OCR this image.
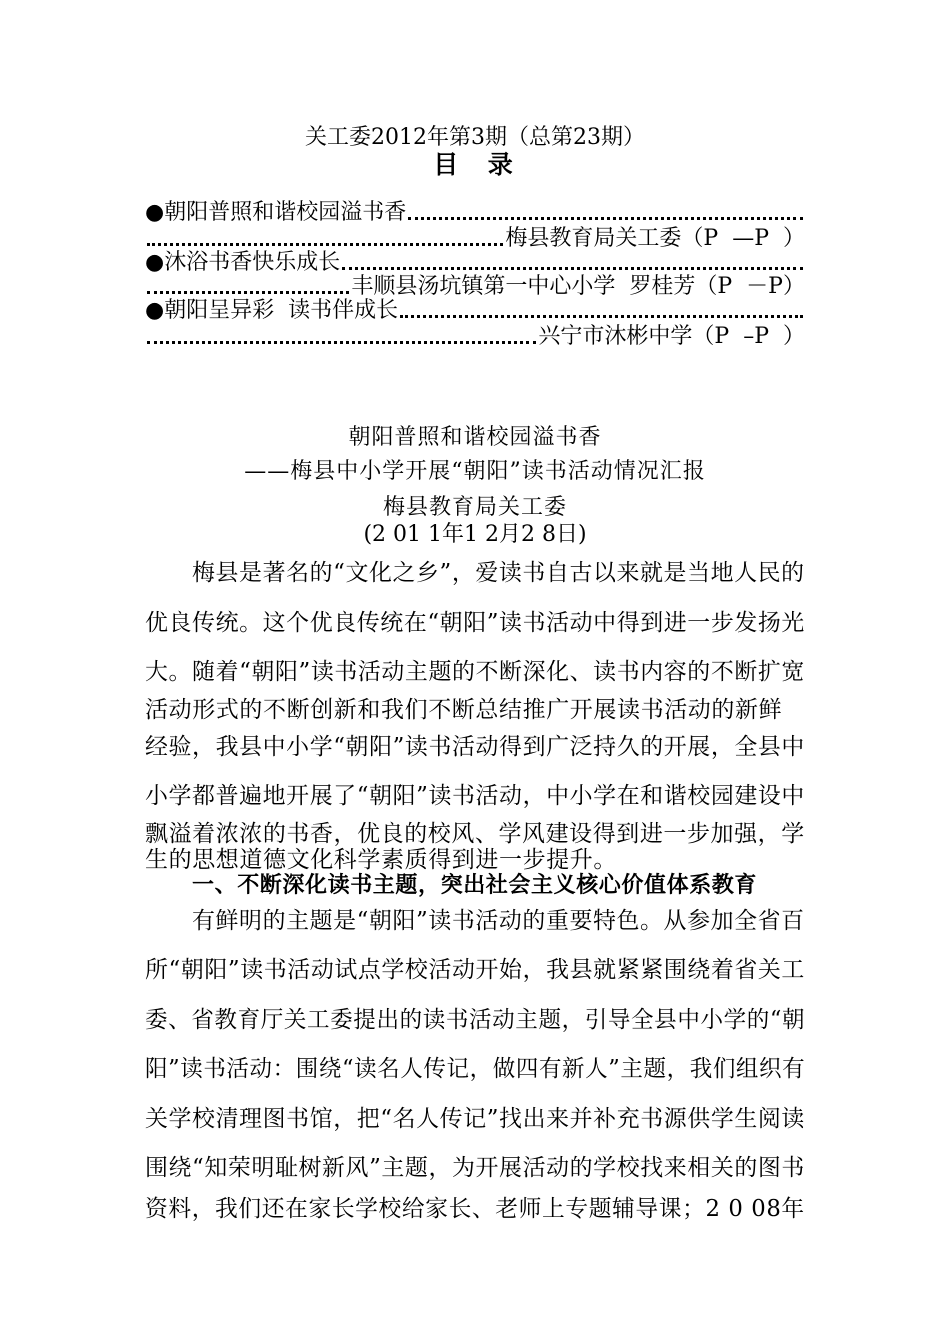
关工委2012年第3期（总第23期）
目  录
●朝阳普照和谐校园溢书香
梅县教育局关工委（P  —P  ）
●沐浴书香快乐成长
丰顺县汤坑镇第一中心小学  罗桂芳（P  －P）
●朝阳呈异彩  读书伴成长
兴宁市沐彬中学（P  –P  ）
朝阳普照和谐校园溢书香
——梅县中小学开展“朝阳”读书活动情况汇报
梅县教育局关工委
(2 01 1年1 2月2 8日)
梅县是著名的“文化之乡”，爱读书自古以来就是当地人民的
优良传统。这个优良传统在“朝阳”读书活动中得到进一步发扬光
大。随着“朝阳”读书活动主题的不断深化、读书内容的不断扩宽
活动形式的不断创新和我们不断总结推广开展读书活动的新鲜
经验，我县中小学“朝阳”读书活动得到广泛持久的开展，全县中
小学都普遍地开展了“朝阳”读书活动，中小学在和谐校园建设中
飘溢着浓浓的书香，优良的校风、学风建设得到进一步加强，学
生的思想道德文化科学素质得到进一步提升。
一、不断深化读书主题，突出社会主义核心价值体系教育
有鲜明的主题是“朝阳”读书活动的重要特色。从参加全省百
所“朝阳”读书活动试点学校活动开始，我县就紧紧围绕着省关工
委、省教育厅关工委提出的读书活动主题，引导全县中小学的“朝
阳”读书活动：围绕“读名人传记，做四有新人”主题，我们组织有
关学校清理图书馆，把“名人传记”找出来并补充书源供学生阅读
围绕“知荣明耻树新风”主题，为开展活动的学校找来相关的图书
资料，我们还在家长学校给家长、老师上专题辅导课；2 0 08年
